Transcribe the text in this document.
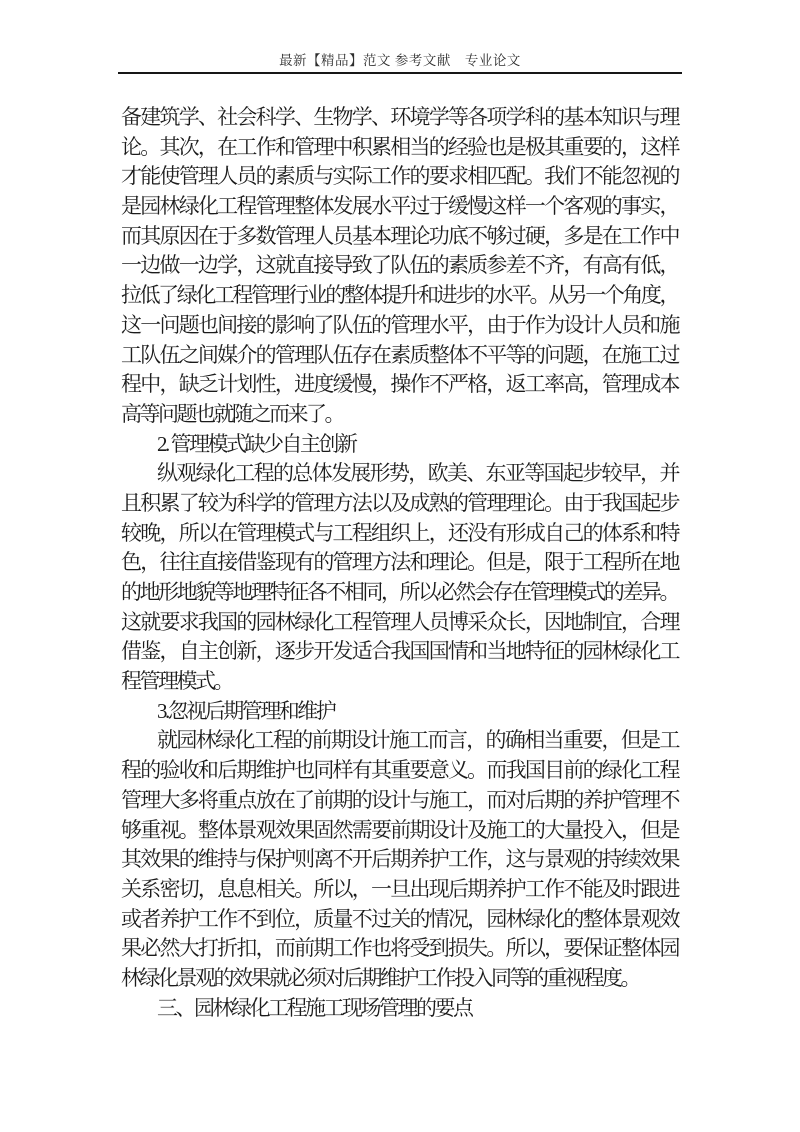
最新【精品】范文 参考文献　专业论文
备建筑学、社会科学、生物学、环境学等各项学科的基本知识与理
论。其次，在工作和管理中积累相当的经验也是极其重要的，这样
才能使管理人员的素质与实际工作的要求相匹配。我们不能忽视的
是园林绿化工程管理整体发展水平过于缓慢这样一个客观的事实，
而其原因在于多数管理人员基本理论功底不够过硬，多是在工作中
一边做一边学，这就直接导致了队伍的素质参差不齐，有高有低，
拉低了绿化工程管理行业的整体提升和进步的水平。从另一个角度，
这一问题也间接的影响了队伍的管理水平，由于作为设计人员和施
工队伍之间媒介的管理队伍存在素质整体不平等的问题，在施工过
程中，缺乏计划性，进度缓慢，操作不严格，返工率高，管理成本
高等问题也就随之而来了。
2. 管理模式缺少自主创新
纵观绿化工程的总体发展形势，欧美、东亚等国起步较早，并
且积累了较为科学的管理方法以及成熟的管理理论。由于我国起步
较晚，所以在管理模式与工程组织上，还没有形成自己的体系和特
色，往往直接借鉴现有的管理方法和理论。但是，限于工程所在地
的地形地貌等地理特征各不相同，所以必然会存在管理模式的差异。
这就要求我国的园林绿化工程管理人员博采众长，因地制宜，合理
借鉴，自主创新，逐步开发适合我国国情和当地特征的园林绿化工
程管理模式。
3.忽视后期管理和维护
就园林绿化工程的前期设计施工而言，的确相当重要，但是工
程的验收和后期维护也同样有其重要意义。而我国目前的绿化工程
管理大多将重点放在了前期的设计与施工，而对后期的养护管理不
够重视。整体景观效果固然需要前期设计及施工的大量投入，但是
其效果的维持与保护则离不开后期养护工作，这与景观的持续效果
关系密切，息息相关。所以，一旦出现后期养护工作不能及时跟进
或者养护工作不到位，质量不过关的情况，园林绿化的整体景观效
果必然大打折扣，而前期工作也将受到损失。所以，要保证整体园
林绿化景观的效果就必须对后期维护工作投入同等的重视程度。
三、园林绿化工程施工现场管理的要点
